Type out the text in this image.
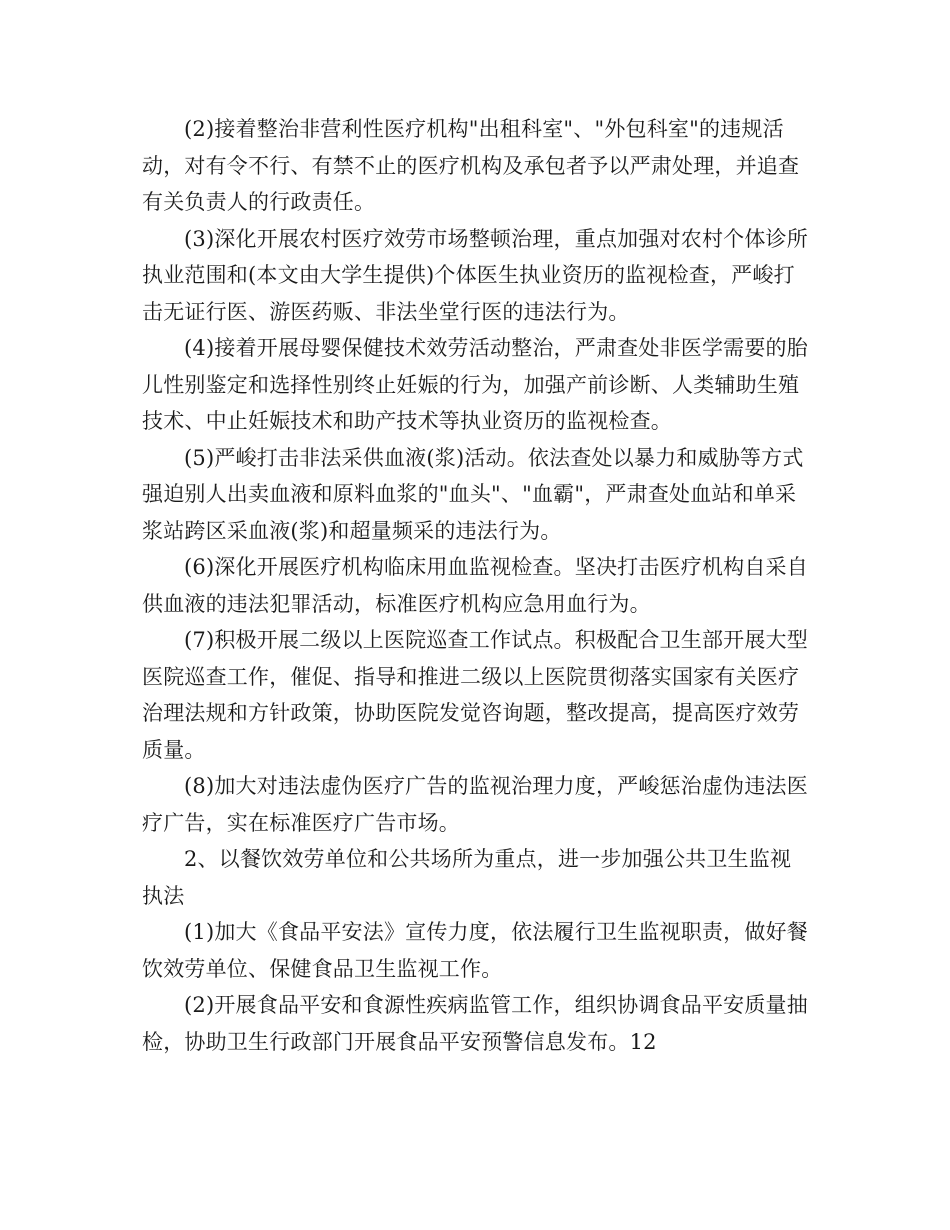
(2)接着整治非营利性医疗机构"出租科室"、"外包科室"的违规活动，对有令不行、有禁不止的医疗机构及承包者予以严肃处理，并追查有关负责人的行政责任。

(3)深化开展农村医疗效劳市场整顿治理，重点加强对农村个体诊所执业范围和(本文由大学生提供)个体医生执业资历的监视检查，严峻打击无证行医、游医药贩、非法坐堂行医的违法行为。

(4)接着开展母婴保健技术效劳活动整治，严肃查处非医学需要的胎儿性别鉴定和选择性别终止妊娠的行为，加强产前诊断、人类辅助生殖技术、中止妊娠技术和助产技术等执业资历的监视检查。

(5)严峻打击非法采供血液(浆)活动。依法查处以暴力和威胁等方式强迫别人出卖血液和原料血浆的"血头"、"血霸"，严肃查处血站和单采浆站跨区采血液(浆)和超量频采的违法行为。

(6)深化开展医疗机构临床用血监视检查。坚决打击医疗机构自采自供血液的违法犯罪活动，标准医疗机构应急用血行为。

(7)积极开展二级以上医院巡查工作试点。积极配合卫生部开展大型医院巡查工作，催促、指导和推进二级以上医院贯彻落实国家有关医疗治理法规和方针政策，协助医院发觉咨询题，整改提高，提高医疗效劳质量。

(8)加大对违法虚伪医疗广告的监视治理力度，严峻惩治虚伪违法医疗广告，实在标准医疗广告市场。

2、以餐饮效劳单位和公共场所为重点，进一步加强公共卫生监视执法

(1)加大《食品平安法》宣传力度，依法履行卫生监视职责，做好餐饮效劳单位、保健食品卫生监视工作。

(2)开展食品平安和食源性疾病监管工作，组织协调食品平安质量抽检，协助卫生行政部门开展食品平安预警信息发布。12
